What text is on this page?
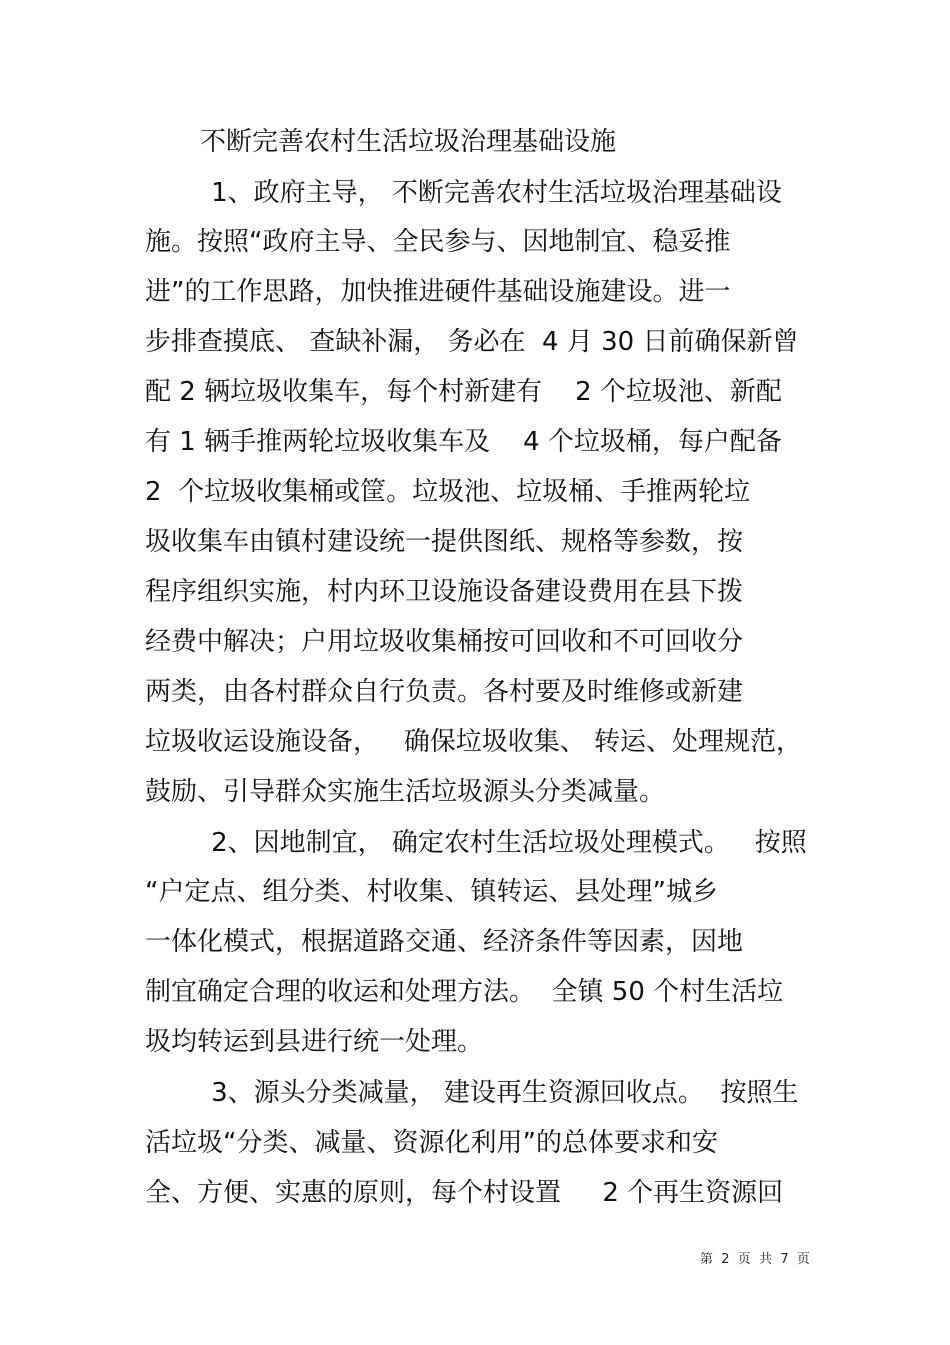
不断完善农村生活垃圾治理基础设施
1、政府主导， 不断完善农村生活垃圾治理基础设
施。按照“政府主导、全民参与、因地制宜、稳妥推
进”的工作思路，加快推进硬件基础设施建设。进一
步排查摸底、 查缺补漏， 务必在  4 月 30 日前确保新曾
配 2 辆垃圾收集车，每个村新建有    2 个垃圾池、新配
有 1 辆手推两轮垃圾收集车及    4 个垃圾桶，每户配备
2  个垃圾收集桶或筐。垃圾池、垃圾桶、手推两轮垃
圾收集车由镇村建设统一提供图纸、规格等参数，按
程序组织实施，村内环卫设施设备建设费用在县下拨
经费中解决；户用垃圾收集桶按可回收和不可回收分
两类，由各村群众自行负责。各村要及时维修或新建
垃圾收运设施设备，   确保垃圾收集、 转运、处理规范，
鼓励、引导群众实施生活垃圾源头分类减量。
2、因地制宜， 确定农村生活垃圾处理模式。   按照
“户定点、组分类、村收集、镇转运、县处理”城乡
一体化模式，根据道路交通、经济条件等因素，因地
制宜确定合理的收运和处理方法。  全镇 50 个村生活垃
圾均转运到县进行统一处理。
3、源头分类减量， 建设再生资源回收点。  按照生
活垃圾“分类、减量、资源化利用”的总体要求和安
全、方便、实惠的原则，每个村设置     2 个再生资源回
第  2  页  共  7  页
